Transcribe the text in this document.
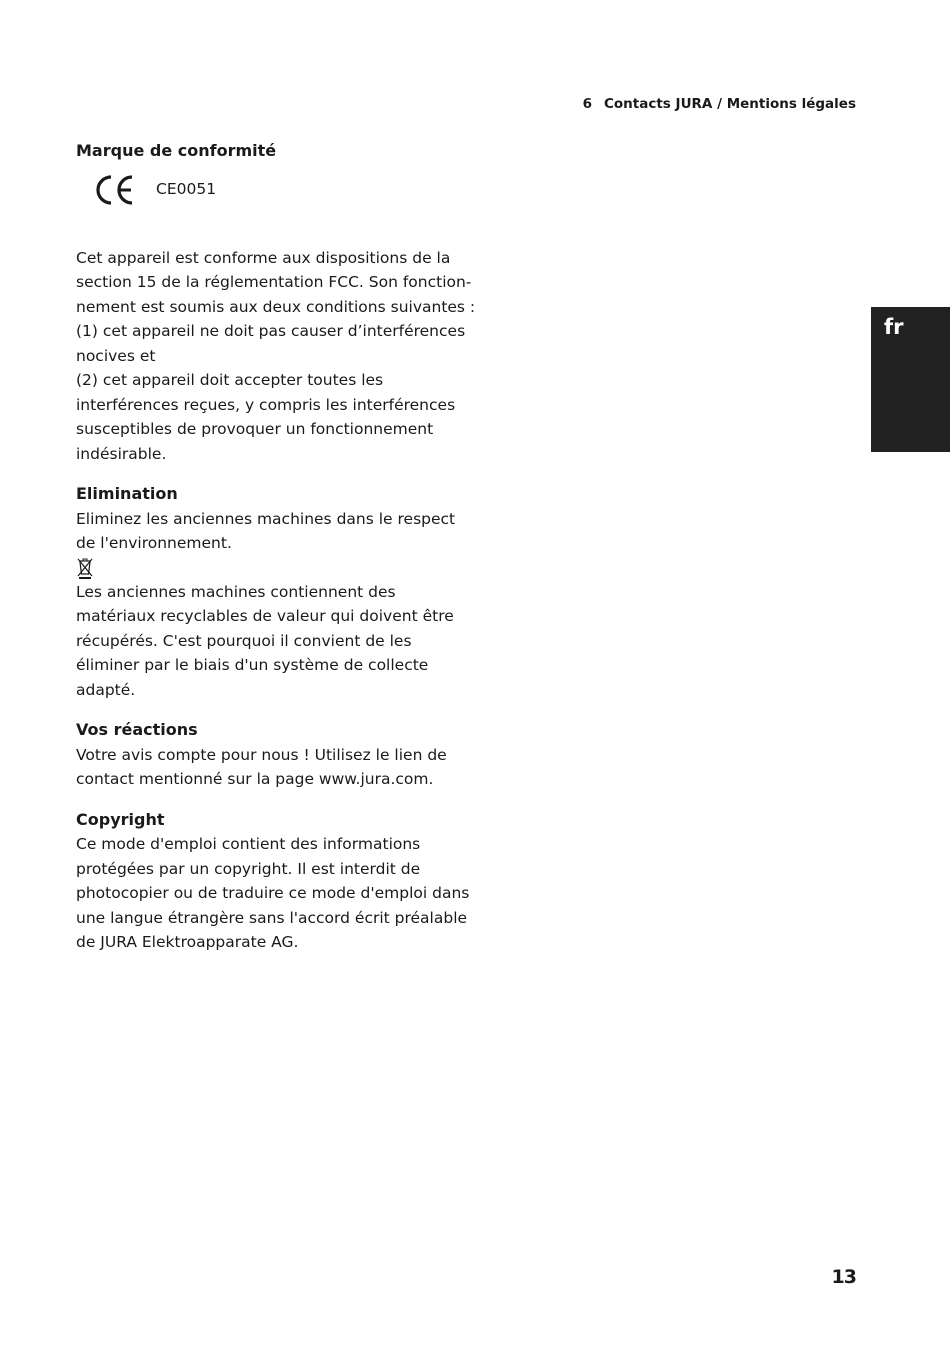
6 Contacts JURA / Mentions légales
fr
Marque de conformité
CE0051
Cet appareil est conforme aux dispositions de la section 15 de la réglementation FCC. Son fonction-nement est soumis aux deux conditions suivantes :
(1) cet appareil ne doit pas causer d’interférences nocives et
(2) cet appareil doit accepter toutes les interférences reçues, y compris les interférences susceptibles de provoquer un fonctionnement indésirable.
Elimination
Eliminez les anciennes machines dans le respect de l'environnement.
Les anciennes machines contiennent des matériaux recyclables de valeur qui doivent être récupérés. C'est pourquoi il convient de les éliminer par le biais d'un système de collecte adapté.
Vos réactions
Votre avis compte pour nous ! Utilisez le lien de contact mentionné sur la page www.jura.com.
Copyright
Ce mode d'emploi contient des informations protégées par un copyright. Il est interdit de photocopier ou de traduire ce mode d'emploi dans une langue étrangère sans l'accord écrit préalable de JURA Elektroapparate AG.
13
